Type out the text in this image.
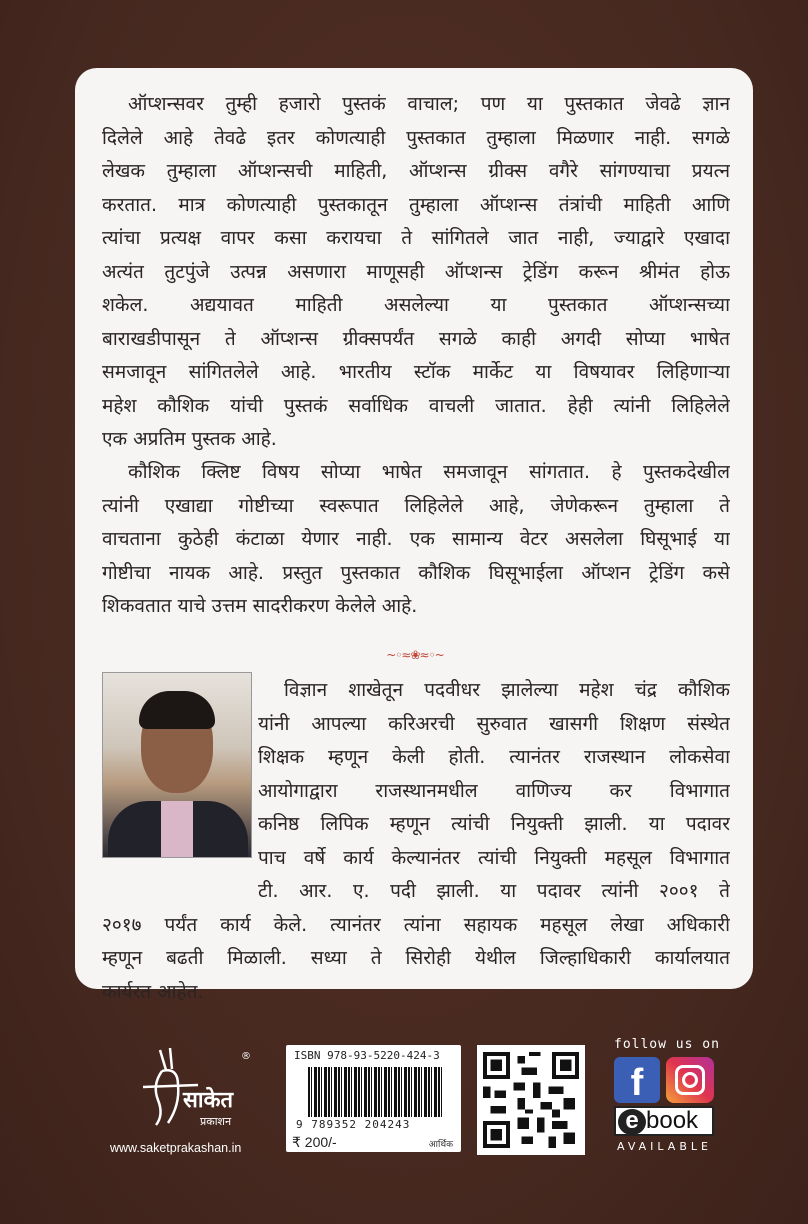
ऑप्शन्सवर तुम्ही हजारो पुस्तकं वाचाल; पण या पुस्तकात जेवढे ज्ञान
दिलेले आहे तेवढे इतर कोणत्याही पुस्तकात तुम्हाला मिळणार नाही. सगळे
लेखक तुम्हाला ऑप्शन्सची माहिती, ऑप्शन्स ग्रीक्स वगैरे सांगण्याचा प्रयत्न
करतात. मात्र कोणत्याही पुस्तकातून तुम्हाला ऑप्शन्स तंत्रांची माहिती आणि
त्यांचा प्रत्यक्ष वापर कसा करायचा ते सांगितले जात नाही, ज्याद्वारे एखादा
अत्यंत तुटपुंजे उत्पन्न असणारा माणूसही ऑप्शन्स ट्रेडिंग करून श्रीमंत होऊ
शकेल. अद्ययावत माहिती असलेल्या या पुस्तकात ऑप्शन्सच्या
बाराखडीपासून ते ऑप्शन्स ग्रीक्सपर्यंत सगळे काही अगदी सोप्या भाषेत
समजावून सांगितलेले आहे. भारतीय स्टॉक मार्केट या विषयावर लिहिणाऱ्या
महेश कौशिक यांची पुस्तकं सर्वाधिक वाचली जातात. हेही त्यांनी लिहिलेले
एक अप्रतिम पुस्तक आहे.
कौशिक क्लिष्ट विषय सोप्या भाषेत समजावून सांगतात. हे पुस्तकदेखील
त्यांनी एखाद्या गोष्टीच्या स्वरूपात लिहिलेले आहे, जेणेकरून तुम्हाला ते
वाचताना कुठेही कंटाळा येणार नाही. एक सामान्य वेटर असलेला घिसूभाई या
गोष्टीचा नायक आहे. प्रस्तुत पुस्तकात कौशिक घिसूभाईला ऑप्शन ट्रेडिंग कसे
शिकवतात याचे उत्तम सादरीकरण केलेले आहे.
~◦≈❀≈◦~
विज्ञान शाखेतून पदवीधर झालेल्या महेश चंद्र कौशिक
यांनी आपल्या करिअरची सुरुवात खासगी शिक्षण संस्थेत
शिक्षक म्हणून केली होती. त्यानंतर राजस्थान लोकसेवा
आयोगाद्वारा राजस्थानमधील वाणिज्य कर विभागात
कनिष्ठ लिपिक म्हणून त्यांची नियुक्ती झाली. या पदावर
पाच वर्षे कार्य केल्यानंतर त्यांची नियुक्ती महसूल विभागात
टी. आर. ए. पदी झाली. या पदावर त्यांनी २००१ ते
२०१७ पर्यंत कार्य केले. त्यानंतर त्यांना सहायक महसूल लेखा अधिकारी
म्हणून बढती मिळाली. सध्या ते सिरोही येथील जिल्हाधिकारी कार्यालयात
कार्यरत आहेत.
साकेत
प्रकाशन
®
www.saketprakashan.in
ISBN 978-93-5220-424-3
9 789352 204243
₹ 200/-	आर्थिक
follow us on
f
e book
AVAILABLE
